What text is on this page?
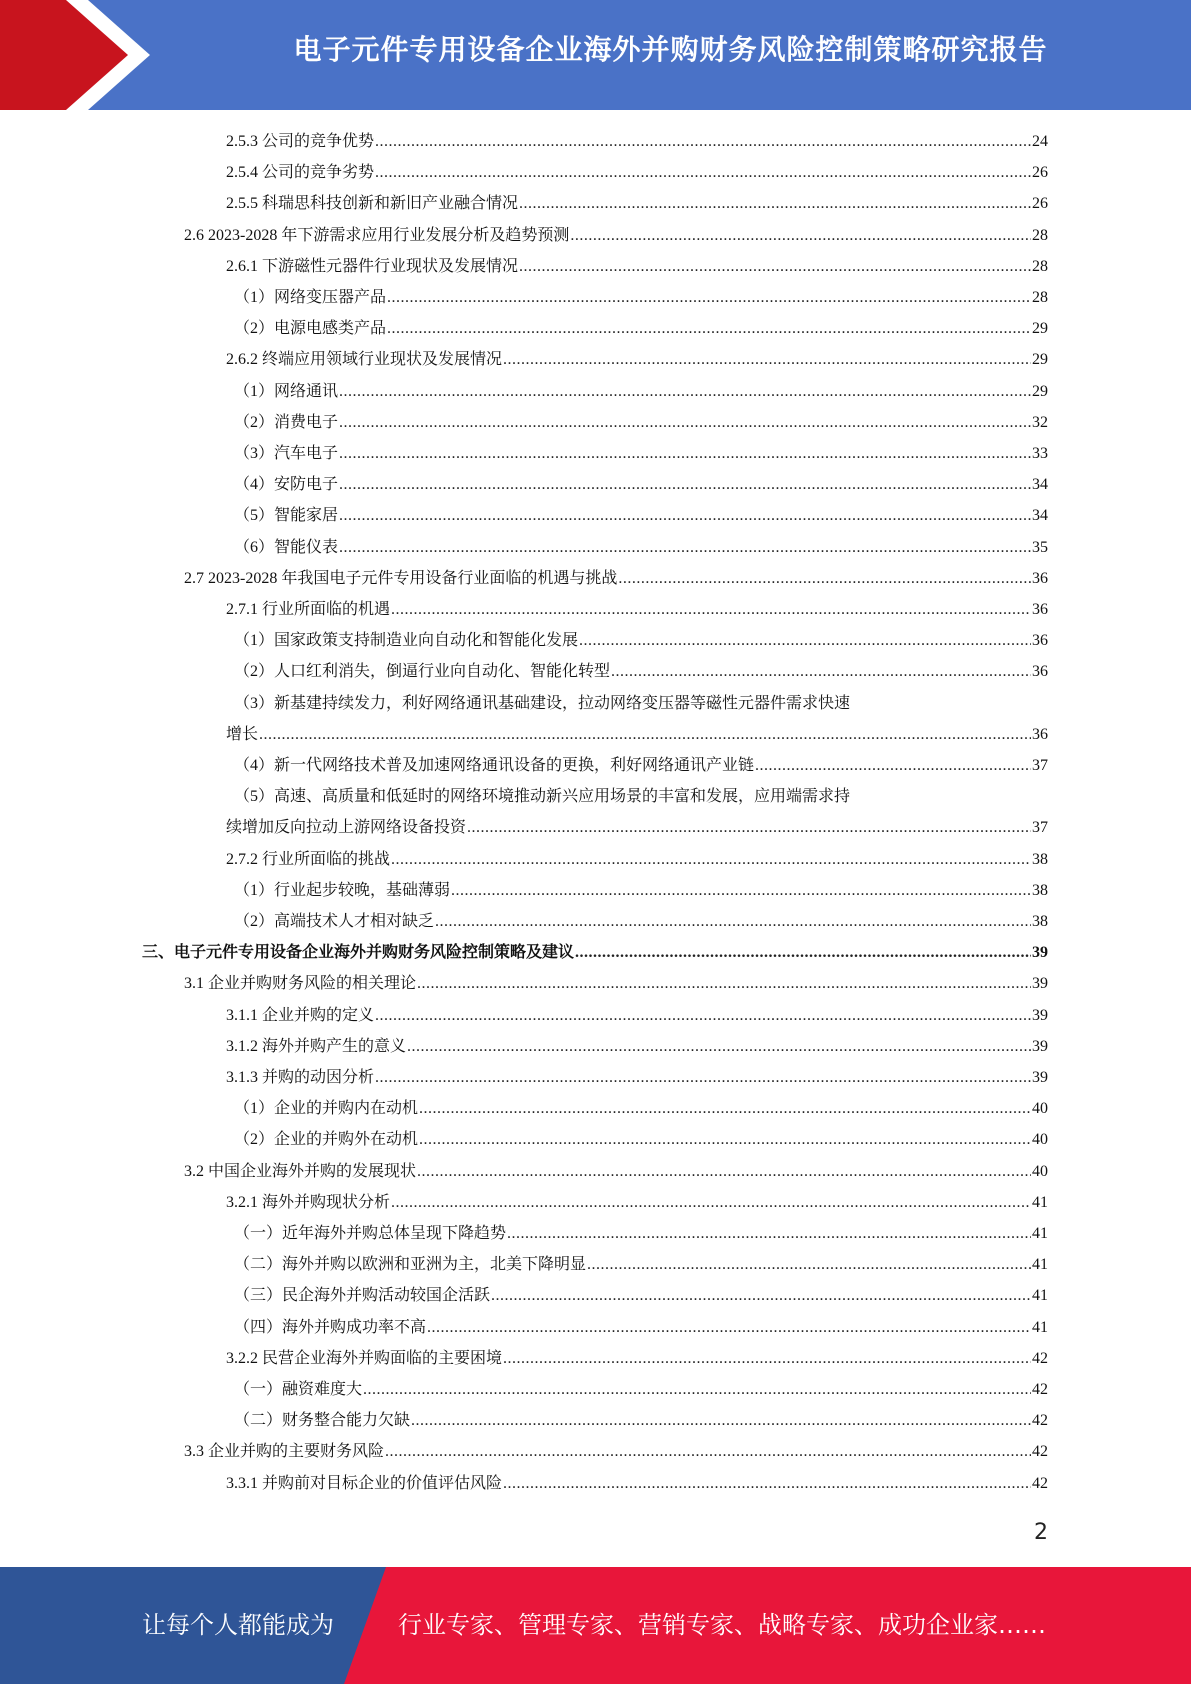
电子元件专用设备企业海外并购财务风险控制策略研究报告
2.5.3 公司的竞争优势 .....	24
2.5.4 公司的竞争劣势 .....	26
2.5.5 科瑞思科技创新和新旧产业融合情况 .....	26
2.6 2023-2028 年下游需求应用行业发展分析及趋势预测 .....	28
2.6.1 下游磁性元器件行业现状及发展情况 .....	28
（1）网络变压器产品 .....	28
（2）电源电感类产品 .....	29
2.6.2 终端应用领域行业现状及发展情况 .....	29
（1）网络通讯 .....	29
（2）消费电子 .....	32
（3）汽车电子 .....	33
（4）安防电子 .....	34
（5）智能家居 .....	34
（6）智能仪表 .....	35
2.7 2023-2028 年我国电子元件专用设备行业面临的机遇与挑战 .....	36
2.7.1 行业所面临的机遇 .....	36
（1）国家政策支持制造业向自动化和智能化发展 .....	36
（2）人口红利消失，倒逼行业向自动化、智能化转型 .....	36
（3）新基建持续发力，利好网络通讯基础建设，拉动网络变压器等磁性元器件需求快速
增长 .....	36
（4）新一代网络技术普及加速网络通讯设备的更换，利好网络通讯产业链 .....	37
（5）高速、高质量和低延时的网络环境推动新兴应用场景的丰富和发展，应用端需求持
续增加反向拉动上游网络设备投资 .....	37
2.7.2 行业所面临的挑战 .....	38
（1）行业起步较晚，基础薄弱 .....	38
（2）高端技术人才相对缺乏 .....	38
三、电子元件专用设备企业海外并购财务风险控制策略及建议 .....	39
3.1 企业并购财务风险的相关理论 .....	39
3.1.1 企业并购的定义 .....	39
3.1.2 海外并购产生的意义 .....	39
3.1.3 并购的动因分析 .....	39
（1）企业的并购内在动机 .....	40
（2）企业的并购外在动机 .....	40
3.2 中国企业海外并购的发展现状 .....	40
3.2.1 海外并购现状分析 .....	41
（一）近年海外并购总体呈现下降趋势 .....	41
（二）海外并购以欧洲和亚洲为主，北美下降明显 .....	41
（三）民企海外并购活动较国企活跃 .....	41
（四）海外并购成功率不高 .....	41
3.2.2 民营企业海外并购面临的主要困境 .....	42
（一）融资难度大 .....	42
（二）财务整合能力欠缺 .....	42
3.3 企业并购的主要财务风险 .....	42
3.3.1 并购前对目标企业的价值评估风险 .....	42
2
让每个人都能成为	行业专家、管理专家、营销专家、战略专家、成功企业家……
